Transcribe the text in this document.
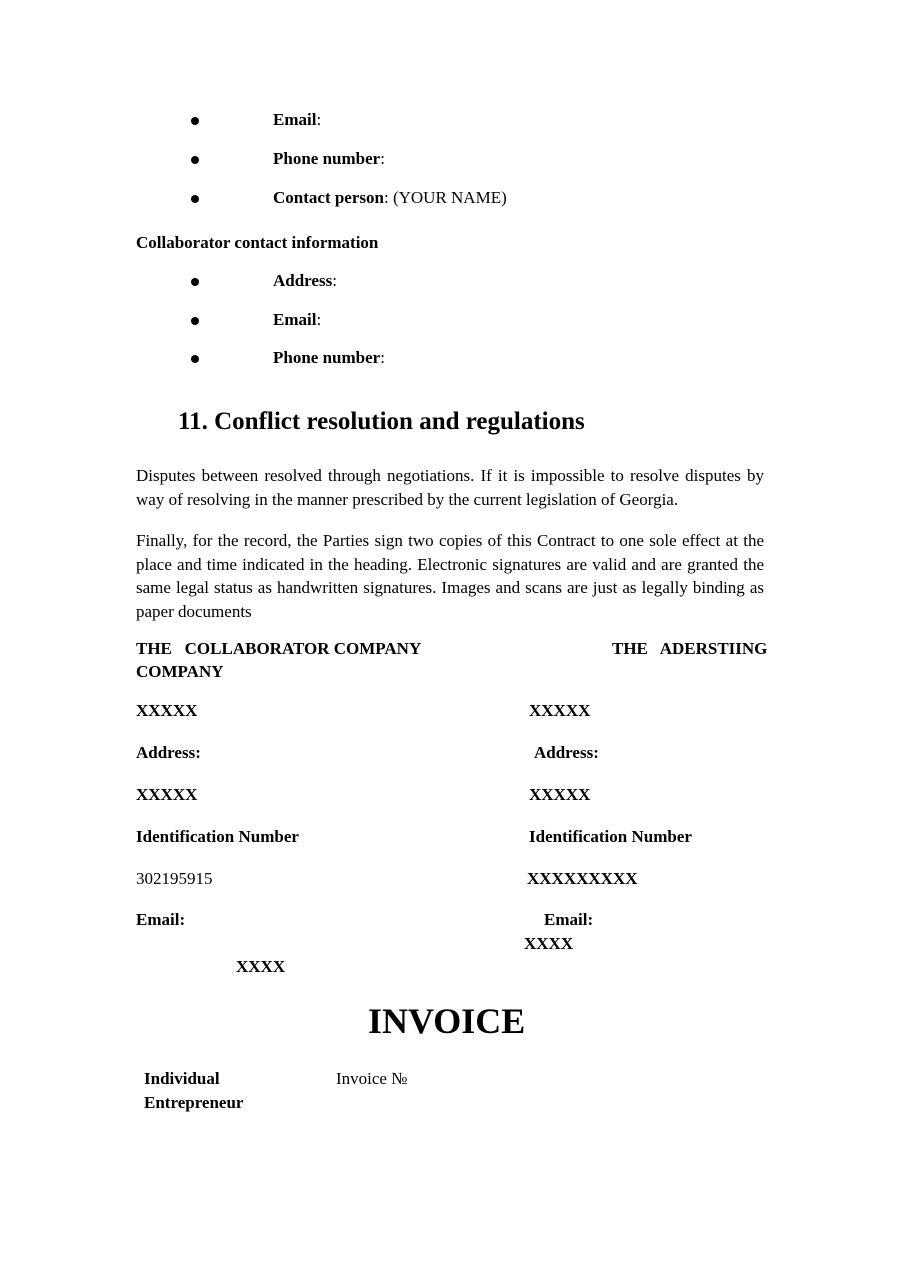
Email:
Phone number:
Contact person: (YOUR NAME)
Collaborator contact information
Address:
Email:
Phone number:
11. Conflict resolution and regulations
Disputes between resolved through negotiations. If it is impossible to resolve disputes by way of resolving in the manner prescribed by the current legislation of Georgia.
Finally, for the record, the Parties sign two copies of this Contract to one sole effect at the place and time indicated in the heading. Electronic signatures are valid and are granted the same legal status as handwritten signatures. Images and scans are just as legally binding as paper documents
THE   COLLABORATOR COMPANY
COMPANY
XXXXX
Address:
XXXXX
Identification Number
302195915
Email:
XXXX
THE   ADERSTIING
XXXXX
Address:
XXXXX
Identification Number
XXXXXXXXX
Email:
XXXX
INVOICE
Individual
Entrepreneur
Invoice №
